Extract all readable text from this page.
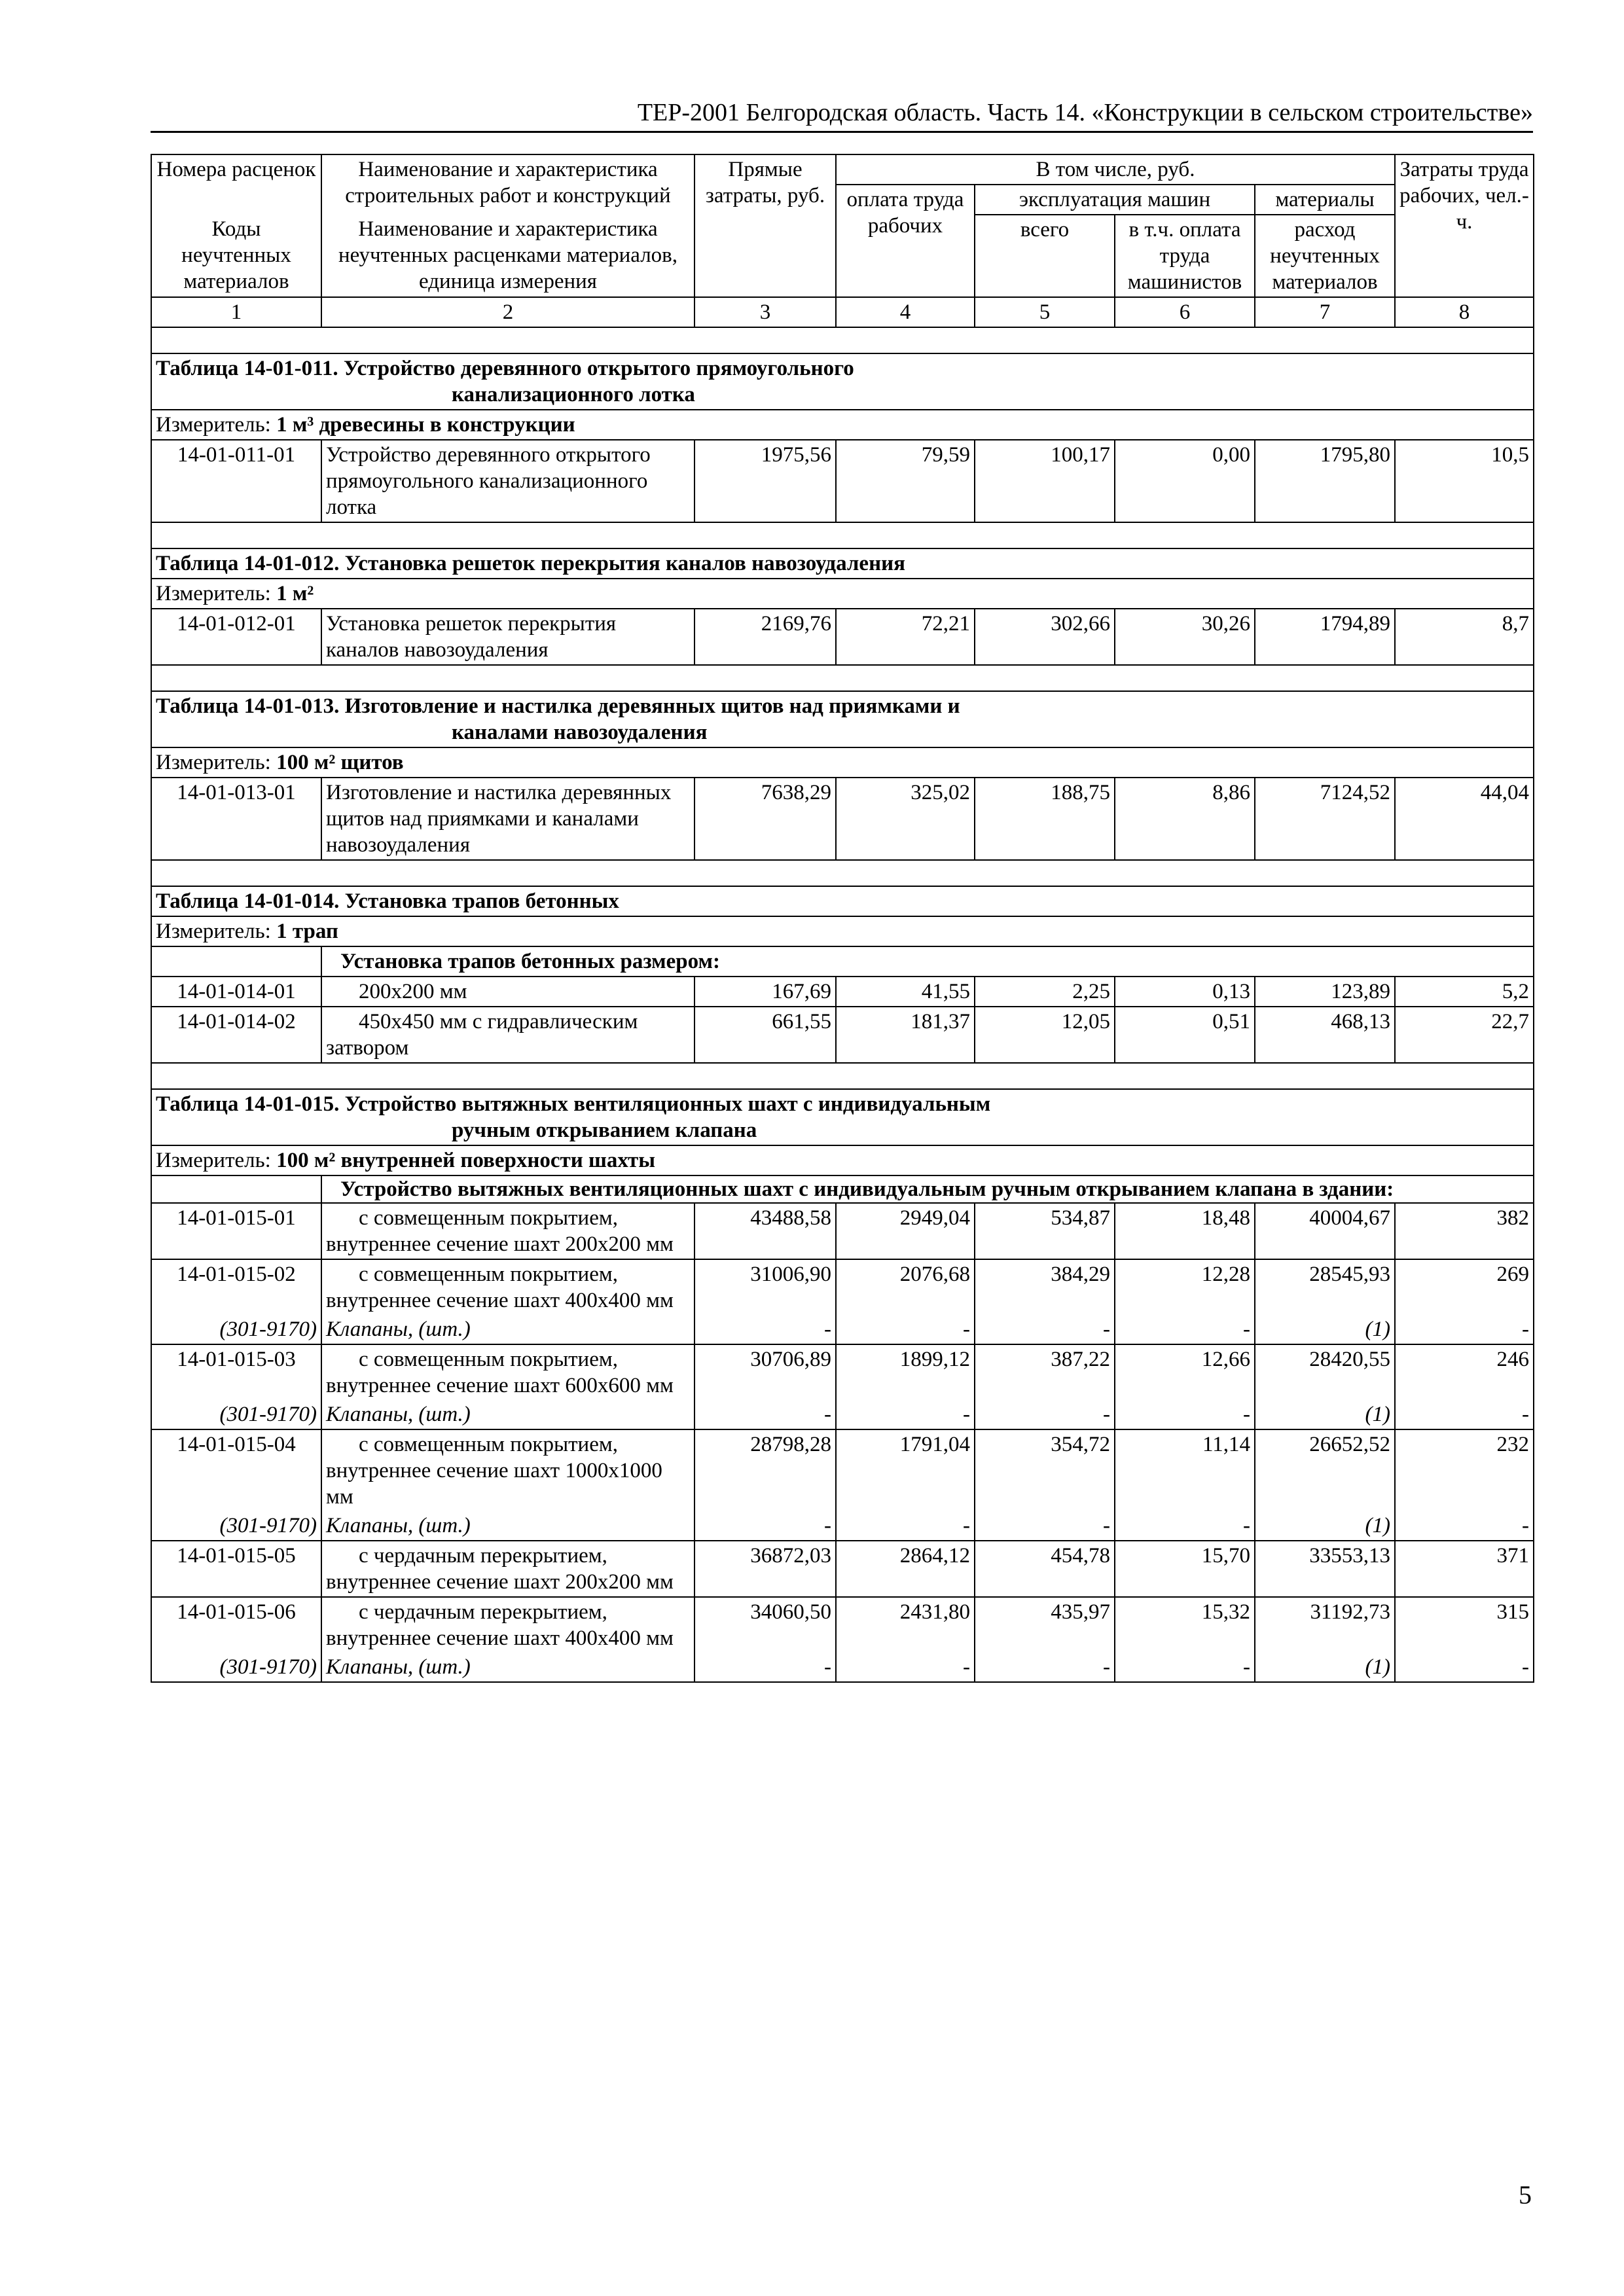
ТЕР-2001 Белгородская область. Часть 14. «Конструкции в сельском строительстве»
Номера расценок	Наименование и характеристика строительных работ и конструкций	Прямые затраты, руб.	В том числе, руб.				Затраты труда рабочих, чел.-ч.
			оплата труда рабочих	эксплуатация машин		материалы	
Коды неучтенных материалов	Наименование и характеристика неучтенных расценками материалов, единица измерения			всего	в т.ч. оплата труда машинистов	расход неучтенных материалов	

1	2	3	4	5	6	7	8

Таблица 14-01-011. Устройство деревянного открытого прямоугольного
канализационного лотка							

Измеритель: 1 м³ древесины в конструкции							
14-01-011-01	Устройство деревянного открытого прямоугольного канализационного лотка	1975,56	79,59	100,17	0,00	1795,80	10,5

Таблица 14-01-012. Установка решеток перекрытия каналов навозоудаления							

Измеритель: 1 м²							
14-01-012-01	Установка решеток перекрытия каналов навозоудаления	2169,76	72,21	302,66	30,26	1794,89	8,7

Таблица 14-01-013. Изготовление и настилка деревянных щитов над приямками и
каналами навозоудаления							

Измеритель: 100 м² щитов							
14-01-013-01	Изготовление и настилка деревянных щитов над приямками и каналами навозоудаления	7638,29	325,02	188,75	8,86	7124,52	44,04

Таблица 14-01-014. Установка трапов бетонных							

Измеритель: 1 трап							
	Установка трапов бетонных размером:						
14-01-014-01	200х200 мм	167,69	41,55	2,25	0,13	123,89	5,2
14-01-014-02	450х450 мм с гидравлическим затвором	661,55	181,37	12,05	0,51	468,13	22,7

Таблица 14-01-015. Устройство вытяжных вентиляционных шахт с индивидуальным
ручным открыванием клапана							

Измеритель: 100 м² внутренней поверхности шахты							
	Устройство вытяжных вентиляционных шахт с индивидуальным ручным открыванием клапана в здании:						
14-01-015-01	с совмещенным покрытием, внутреннее сечение шахт 200х200 мм	43488,58	2949,04	534,87	18,48	40004,67	382
14-01-015-02	с совмещенным покрытием, внутреннее сечение шахт 400х400 мм	31006,90	2076,68	384,29	12,28	28545,93	269
(301-9170)	Клапаны, (шт.)	-	-	-	-	(1)	-
14-01-015-03	с совмещенным покрытием, внутреннее сечение шахт 600х600 мм	30706,89	1899,12	387,22	12,66	28420,55	246
(301-9170)	Клапаны, (шт.)	-	-	-	-	(1)	-
14-01-015-04	с совмещенным покрытием, внутреннее сечение шахт 1000х1000 мм	28798,28	1791,04	354,72	11,14	26652,52	232
(301-9170)	Клапаны, (шт.)	-	-	-	-	(1)	-
14-01-015-05	с чердачным перекрытием, внутреннее сечение шахт 200х200 мм	36872,03	2864,12	454,78	15,70	33553,13	371
14-01-015-06	с чердачным перекрытием, внутреннее сечение шахт 400х400 мм	34060,50	2431,80	435,97	15,32	31192,73	315
(301-9170)	Клапаны, (шт.)	-	-	-	-	(1)	-
5
